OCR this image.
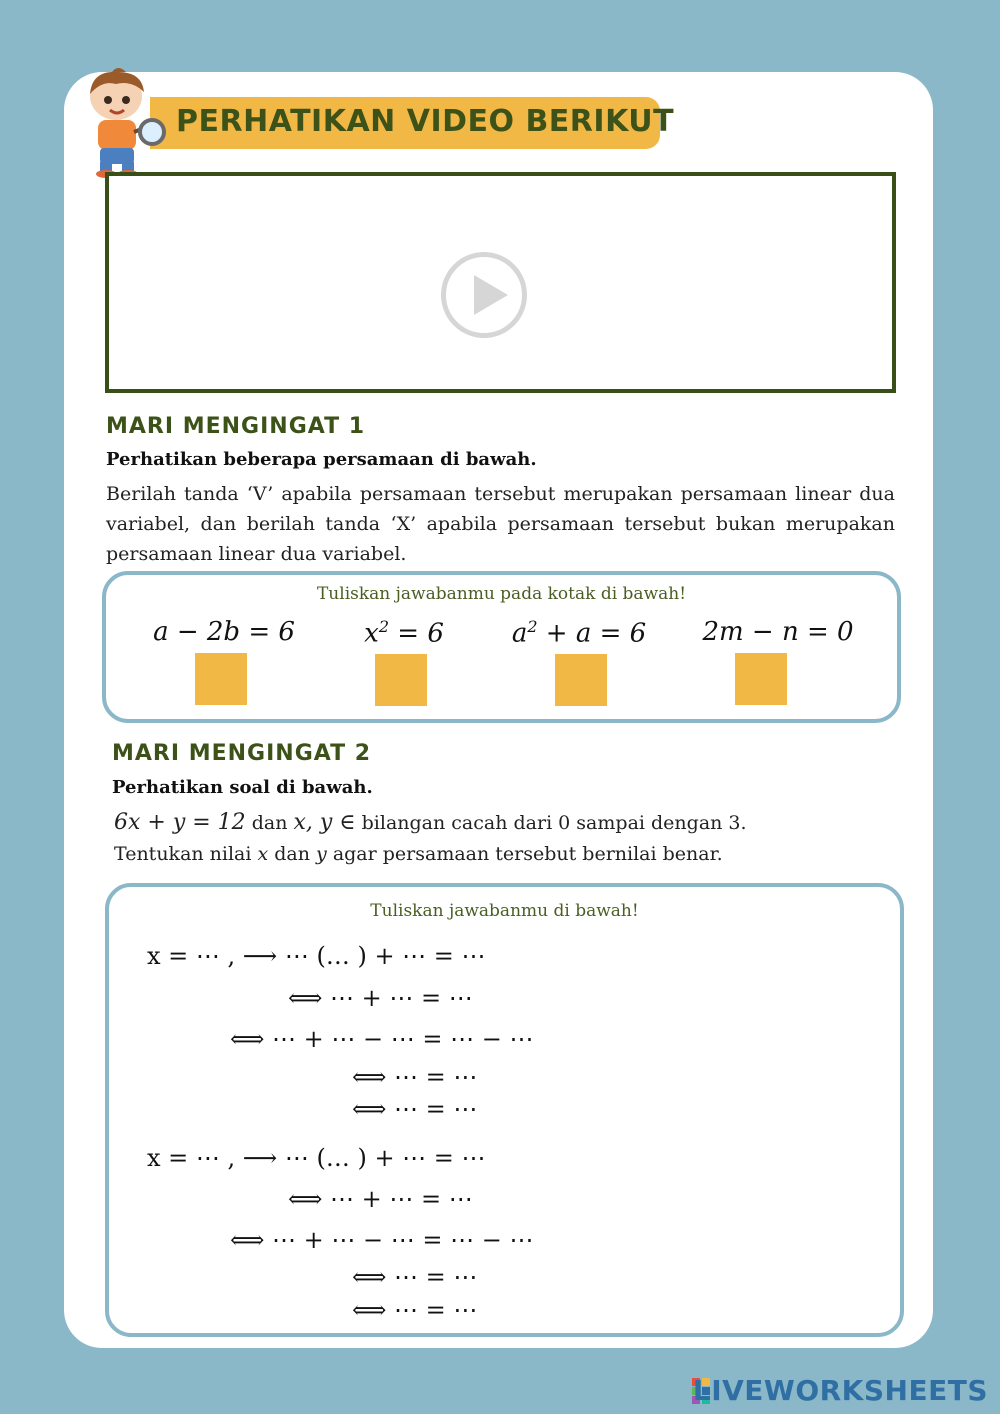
PERHATIKAN VIDEO BERIKUT
MARI MENGINGAT 1
Perhatikan beberapa persamaan di bawah.
Berilah tanda ‘V’ apabila persamaan tersebut merupakan persamaan linear dua variabel, dan berilah tanda ‘X’ apabila persamaan tersebut bukan merupakan persamaan linear dua variabel.
Tuliskan jawabanmu pada kotak di bawah!
a − 2b = 6	$x^2 = 6$	$a^2 + a = 6$	2m − n = 0
MARI MENGINGAT 2
Perhatikan soal di bawah.
6x + y = 12 dan x, y ∈ bilangan cacah dari 0 sampai dengan 3.
Tentukan nilai x dan y agar persamaan tersebut bernilai benar.
Tuliskan jawabanmu di bawah!
x = ⋯ , ⟶ ⋯ (… ) + ⋯ = ⋯
⟺ ⋯ + ⋯ = ⋯
⟺ ⋯ + ⋯ − ⋯ = ⋯ − ⋯
⟺ ⋯ = ⋯
⟺ ⋯ = ⋯
x = ⋯ , ⟶ ⋯ (… ) + ⋯ = ⋯
⟺ ⋯ + ⋯ = ⋯
⟺ ⋯ + ⋯ − ⋯ = ⋯ − ⋯
⟺ ⋯ = ⋯
⟺ ⋯ = ⋯
LIVEWORKSHEETS
